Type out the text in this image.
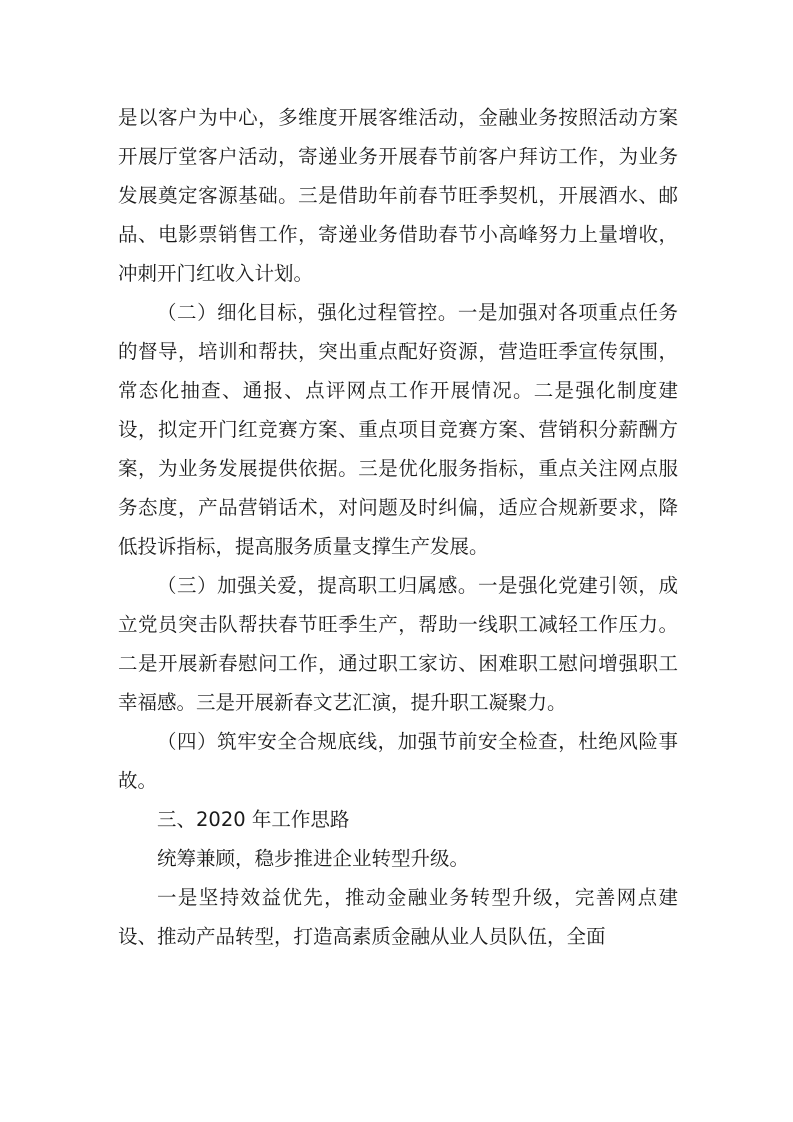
是以客户为中心，多维度开展客维活动，金融业务按照活动方案开展厅堂客户活动，寄递业务开展春节前客户拜访工作，为业务发展奠定客源基础。三是借助年前春节旺季契机，开展酒水、邮品、电影票销售工作，寄递业务借助春节小高峰努力上量增收，冲刺开门红收入计划。

（二）细化目标，强化过程管控。一是加强对各项重点任务的督导，培训和帮扶，突出重点配好资源，营造旺季宣传氛围，常态化抽查、通报、点评网点工作开展情况。二是强化制度建设，拟定开门红竞赛方案、重点项目竞赛方案、营销积分薪酬方案，为业务发展提供依据。三是优化服务指标，重点关注网点服务态度，产品营销话术，对问题及时纠偏，适应合规新要求，降低投诉指标，提高服务质量支撑生产发展。

（三）加强关爱，提高职工归属感。一是强化党建引领，成立党员突击队帮扶春节旺季生产，帮助一线职工减轻工作压力。二是开展新春慰问工作，通过职工家访、困难职工慰问增强职工幸福感。三是开展新春文艺汇演，提升职工凝聚力。

（四）筑牢安全合规底线，加强节前安全检查，杜绝风险事故。

三、2020 年工作思路

统筹兼顾，稳步推进企业转型升级。

一是坚持效益优先，推动金融业务转型升级，完善网点建设、推动产品转型，打造高素质金融从业人员队伍，全面
